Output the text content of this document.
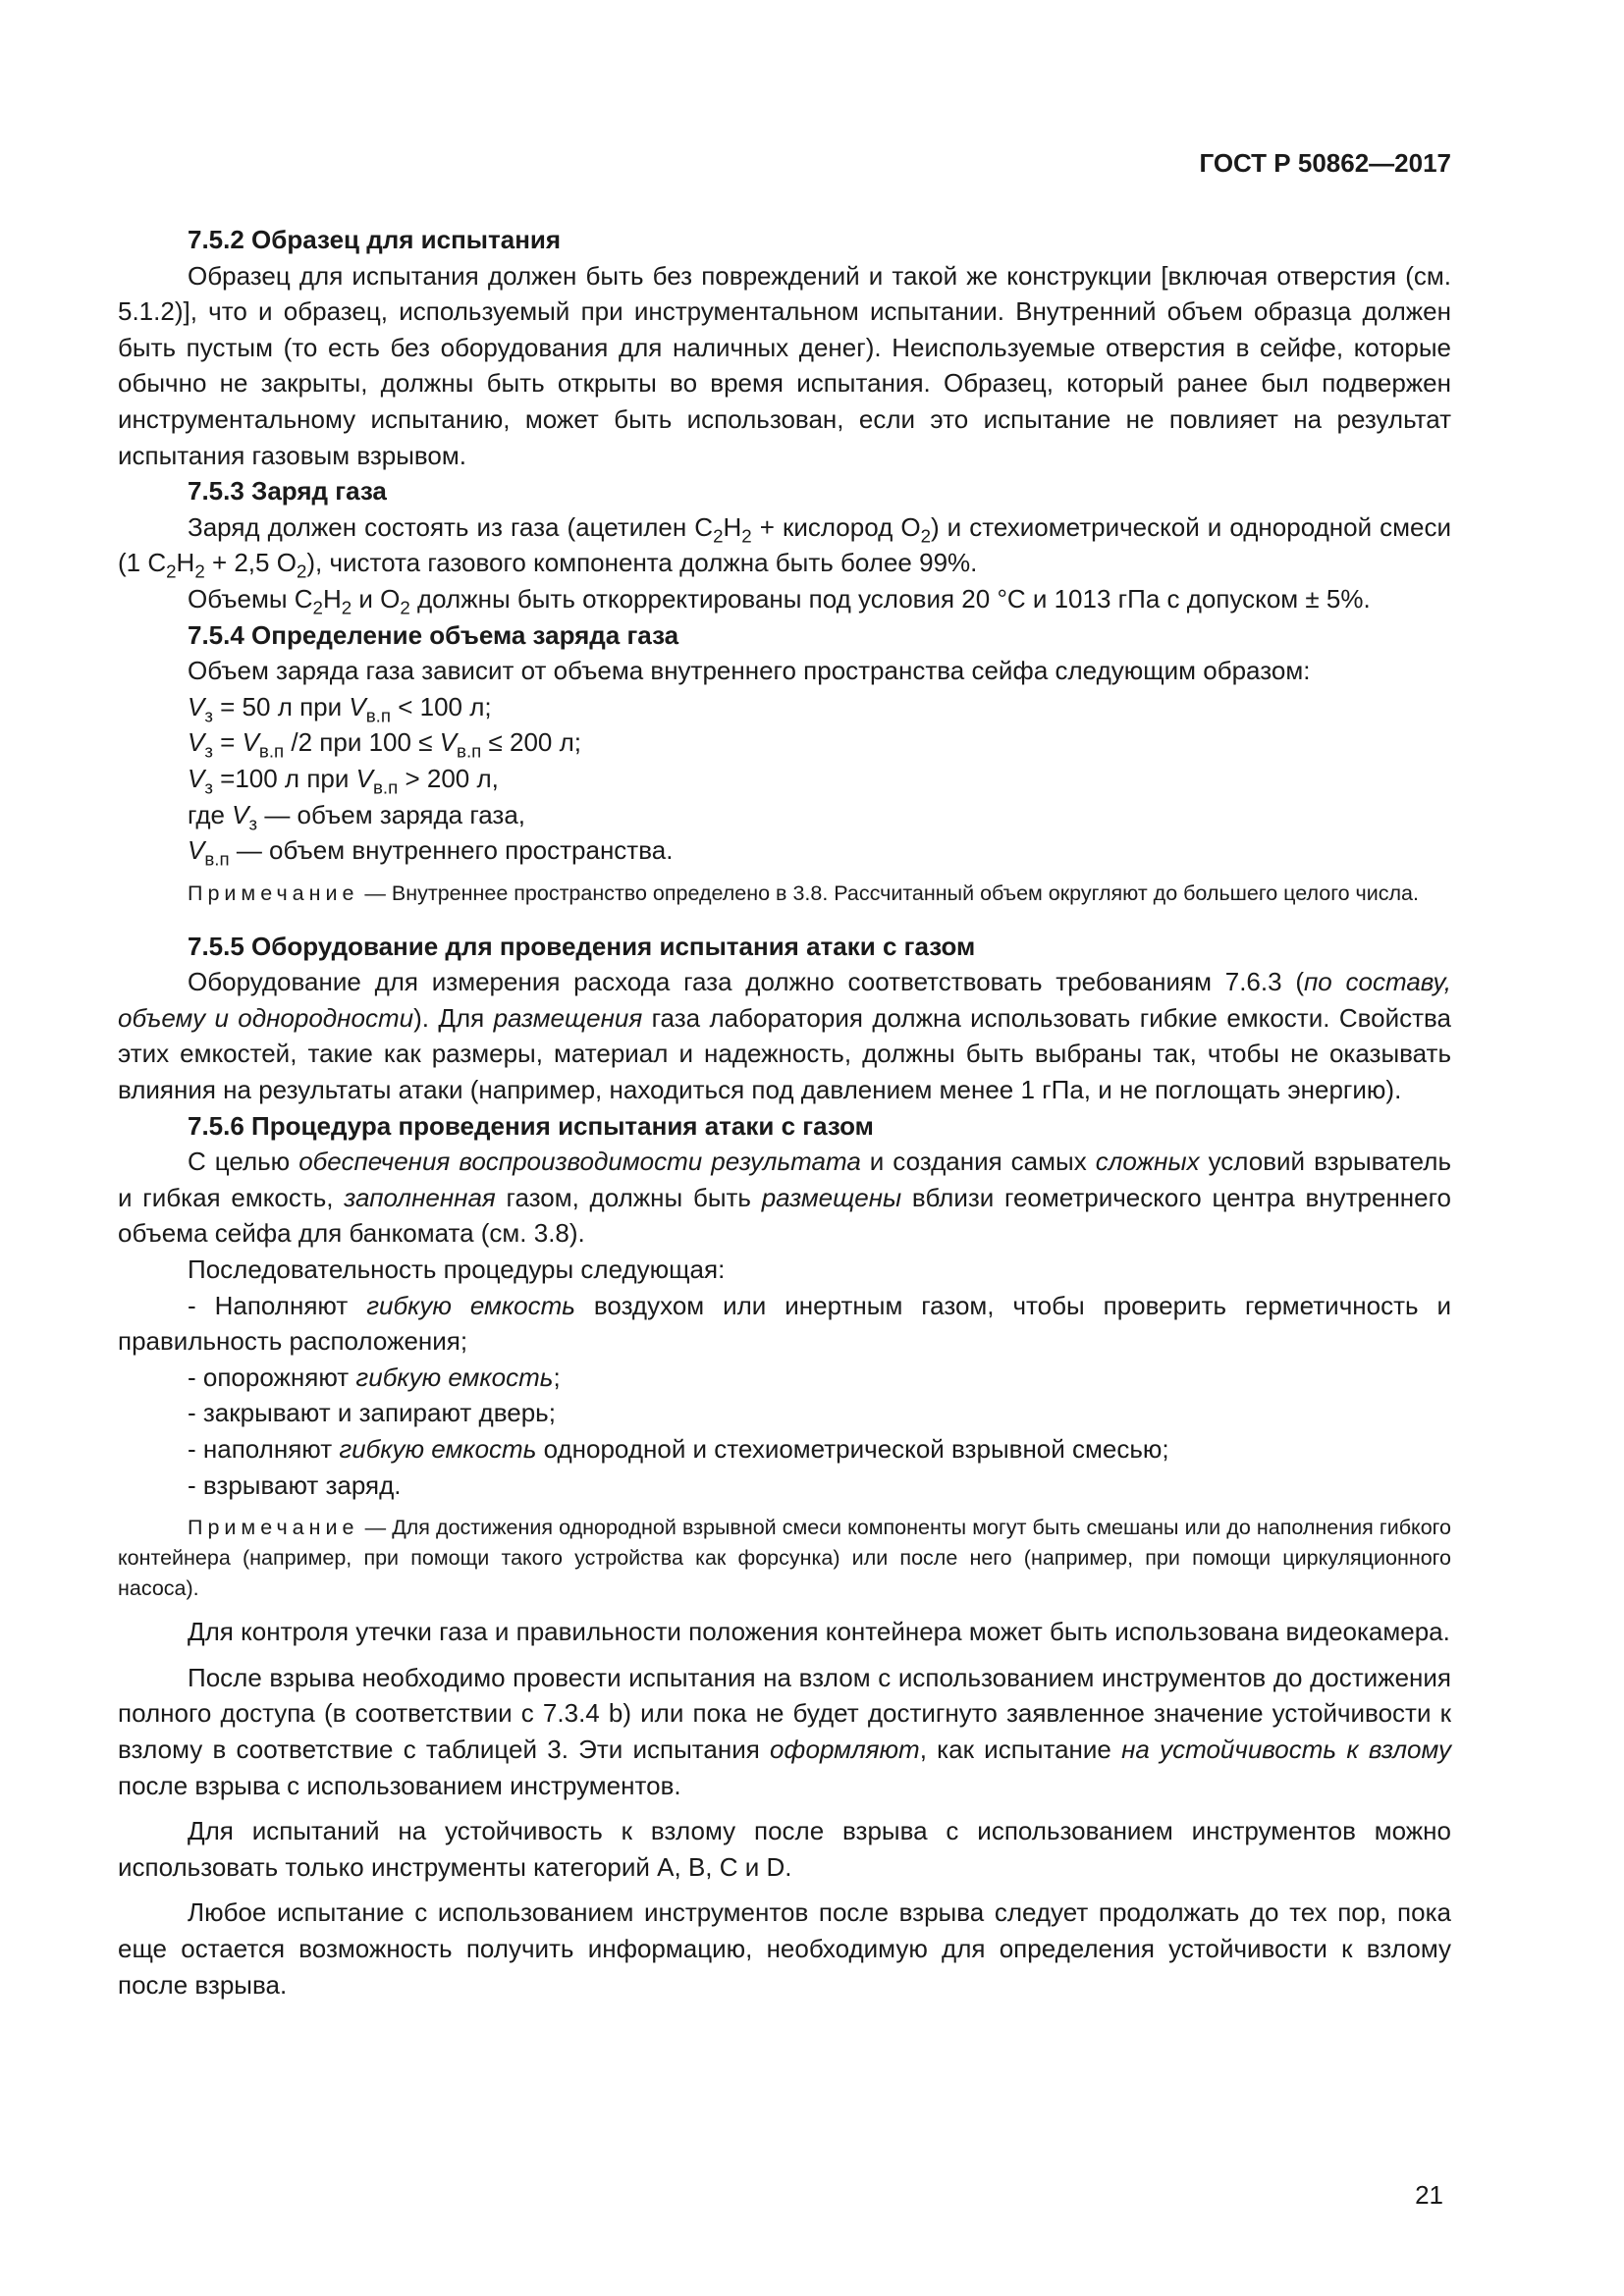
ГОСТ Р 50862—2017

7.5.2 Образец для испытания

Образец для испытания должен быть без повреждений и такой же конструкции [включая отверстия (см. 5.1.2)], что и образец, используемый при инструментальном испытании. Внутренний объем образца должен быть пустым (то есть без оборудования для наличных денег). Неиспользуемые отверстия в сейфе, которые обычно не закрыты, должны быть открыты во время испытания. Образец, который ранее был подвержен инструментальному испытанию, может быть использован, если это испытание не повлияет на результат испытания газовым взрывом.

7.5.3 Заряд газа

Заряд должен состоять из газа (ацетилен $C_2H_2$ + кислород $O_2$) и стехиометрической и однородной смеси (1 $C_2H_2 + 2,5$ $O_2$), чистота газового компонента должна быть более 99%.

Объемы $C_2H_2$ и $O_2$ должны быть откорректированы под условия 20 °C и 1013 гПа с допуском ± 5%.

7.5.4 Определение объема заряда газа

Объем заряда газа зависит от объема внутреннего пространства сейфа следующим образом:

$V_з = 50$ л при $V_{в.п} < 100$ л;

$V_з = V_{в.п}$ /2 при $100 \le V_{в.п} \le 200$ л;

$V_з =100$ л при $V_{в.п} > 200$ л,

где $V_з$ — объем заряда газа,

$V_{в.п}$ — объем внутреннего пространства.

Примечание — Внутреннее пространство определено в 3.8. Рассчитанный объем округляют до большего целого числа.

7.5.5 Оборудование для проведения испытания атаки с газом

Оборудование для измерения расхода газа должно соответствовать требованиям 7.6.3 (по составу, объему и однородности). Для размещения газа лаборатория должна использовать гибкие емкости. Свойства этих емкостей, такие как размеры, материал и надежность, должны быть выбраны так, чтобы не оказывать влияния на результаты атаки (например, находиться под давлением менее 1 гПа, и не поглощать энергию).

7.5.6 Процедура проведения испытания атаки с газом

С целью обеспечения воспроизводимости результата и создания самых сложных условий взрыватель и гибкая емкость, заполненная газом, должны быть размещены вблизи геометрического центра внутреннего объема сейфа для банкомата (см. 3.8).

Последовательность процедуры следующая:

- Наполняют гибкую емкость воздухом или инертным газом, чтобы проверить герметичность и правильность расположения;

- опорожняют гибкую емкость;

- закрывают и запирают дверь;

- наполняют гибкую емкость однородной и стехиометрической взрывной смесью;

- взрывают заряд.

Примечание — Для достижения однородной взрывной смеси компоненты могут быть смешаны или до наполнения гибкого контейнера (например, при помощи такого устройства как форсунка) или после него (например, при помощи циркуляционного насоса).

Для контроля утечки газа и правильности положения контейнера может быть использована видеокамера.

После взрыва необходимо провести испытания на взлом с использованием инструментов до достижения полного доступа (в соответствии с 7.3.4 b) или пока не будет достигнуто заявленное значение устойчивости к взлому в соответствие с таблицей 3. Эти испытания оформляют, как испытание на устойчивость к взлому после взрыва с использованием инструментов.

Для испытаний на устойчивость к взлому после взрыва с использованием инструментов можно использовать только инструменты категорий A, B, C и D.

Любое испытание с использованием инструментов после взрыва следует продолжать до тех пор, пока еще остается возможность получить информацию, необходимую для определения устойчивости к взлому после взрыва.

21
